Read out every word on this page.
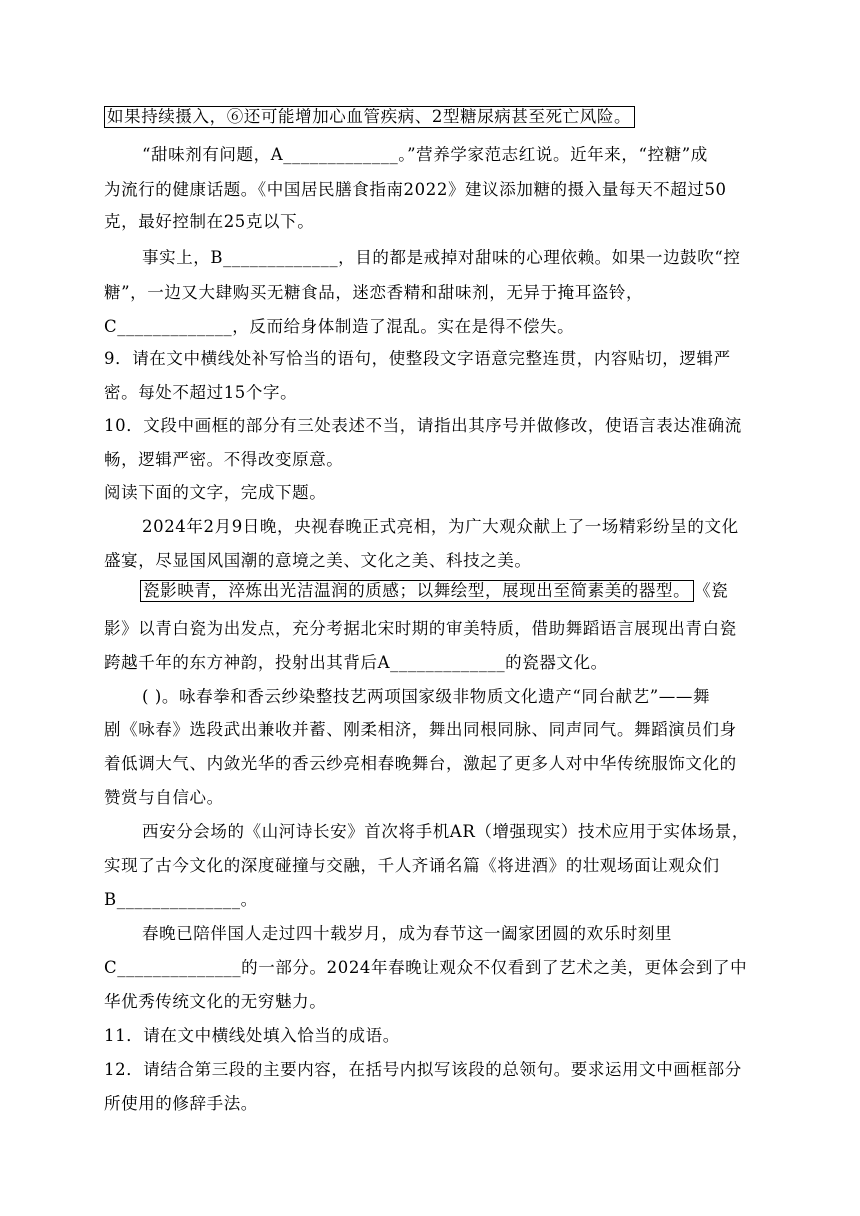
如果持续摄入，⑥还可能增加心血管疾病、2型糖尿病甚至死亡风险。
“甜味剂有问题，A_____________。”营养学家范志红说。近年来，“控糖”成
为流行的健康话题。《中国居民膳食指南2022》建议添加糖的摄入量每天不超过50
克，最好控制在25克以下。
事实上，B_____________，目的都是戒掉对甜味的心理依赖。如果一边鼓吹“控
糖”，一边又大肆购买无糖食品，迷恋香精和甜味剂，无异于掩耳盗铃，
C_____________，反而给身体制造了混乱。实在是得不偿失。
9．请在文中横线处补写恰当的语句，使整段文字语意完整连贯，内容贴切，逻辑严
密。每处不超过15个字。
10．文段中画框的部分有三处表述不当，请指出其序号并做修改，使语言表达准确流
畅，逻辑严密。不得改变原意。
阅读下面的文字，完成下题。
2024年2月9日晚，央视春晚正式亮相，为广大观众献上了一场精彩纷呈的文化
盛宴，尽显国风国潮的意境之美、文化之美、科技之美。
瓷影映青，淬炼出光洁温润的质感；以舞绘型，展现出至简素美的器型。 《瓷
影》以青白瓷为出发点，充分考据北宋时期的审美特质，借助舞蹈语言展现出青白瓷
跨越千年的东方神韵，投射出其背后A_____________的瓷器文化。
( )。咏春拳和香云纱染整技艺两项国家级非物质文化遗产“同台献艺”——舞
剧《咏春》选段武出兼收并蓄、刚柔相济，舞出同根同脉、同声同气。舞蹈演员们身
着低调大气、内敛光华的香云纱亮相春晚舞台，激起了更多人对中华传统服饰文化的
赞赏与自信心。
西安分会场的《山河诗长安》首次将手机AR（增强现实）技术应用于实体场景，
实现了古今文化的深度碰撞与交融，千人齐诵名篇《将进酒》的壮观场面让观众们
B______________。
春晚已陪伴国人走过四十载岁月，成为春节这一阖家团圆的欢乐时刻里
C______________的一部分。2024年春晚让观众不仅看到了艺术之美，更体会到了中
华优秀传统文化的无穷魅力。
11．请在文中横线处填入恰当的成语。
12．请结合第三段的主要内容，在括号内拟写该段的总领句。要求运用文中画框部分
所使用的修辞手法。
